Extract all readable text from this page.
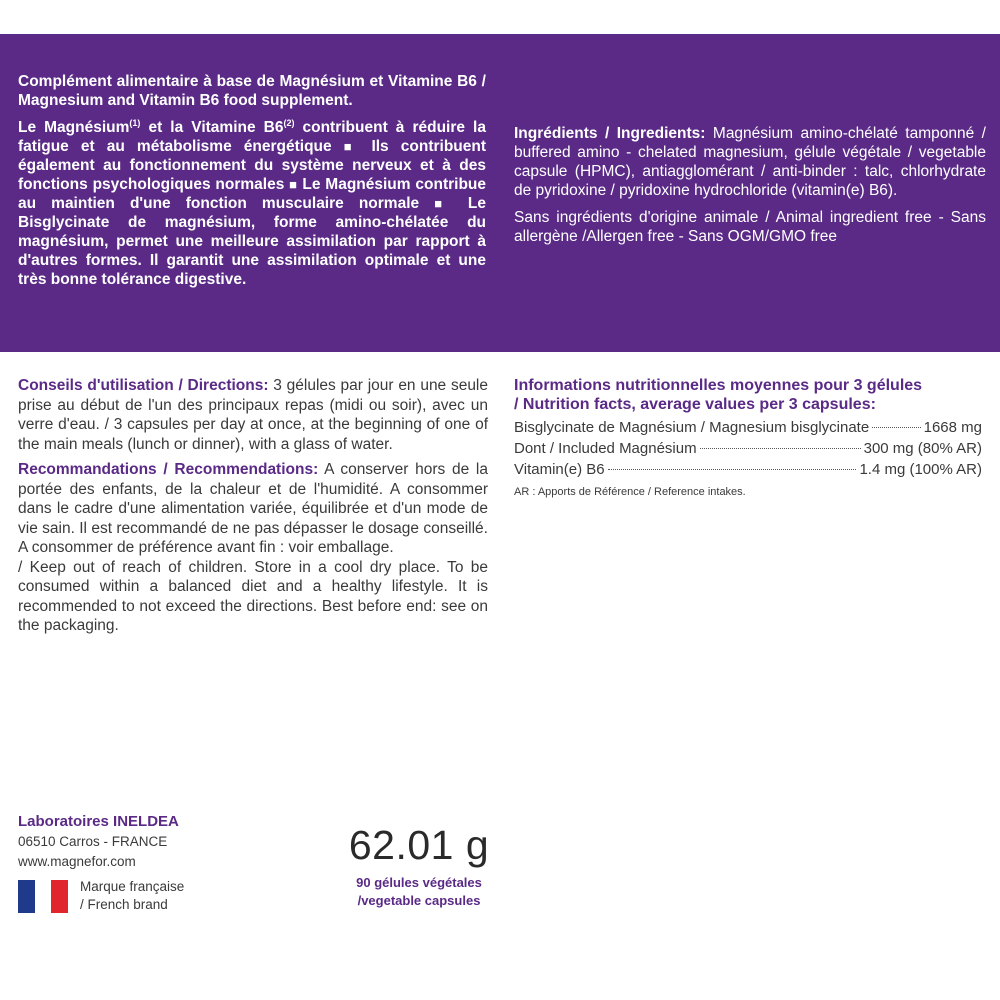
Complément alimentaire à base de Magnésium et Vitamine B6 / Magnesium and Vitamin B6 food supplement.

Le Magnésium$^{(1)}$ et la Vitamine B6$^{(2)}$ contribuent à réduire la fatigue et au métabolisme énergétique ■ Ils contribuent également au fonctionnement du système nerveux et à des fonctions psychologiques normales ■ Le Magnésium contribue au maintien d'une fonction musculaire normale ■ Le Bisglycinate de magnésium, forme amino-chélatée du magnésium, permet une meilleure assimilation par rapport à d'autres formes. Il garantit une assimilation optimale et une très bonne tolérance digestive.

Ingrédients / Ingredients: Magnésium amino-chélaté tamponné / buffered amino - chelated magnesium, gélule végétale / vegetable capsule (HPMC), antiagglomérant / anti-binder : talc, chlorhydrate de pyridoxine / pyridoxine hydrochloride (vitamin(e) B6).

Sans ingrédients d'origine animale / Animal ingredient free - Sans allergène /Allergen free - Sans OGM/GMO free

Conseils d'utilisation / Directions: 3 gélules par jour en une seule prise au début de l'un des principaux repas (midi ou soir), avec un verre d'eau. / 3 capsules per day at once, at the beginning of one of the main meals (lunch or dinner), with a glass of water.

Recommandations / Recommendations: A conserver hors de la portée des enfants, de la chaleur et de l'humidité. A consommer dans le cadre d'une alimentation variée, équilibrée et d'un mode de vie sain. Il est recommandé de ne pas dépasser le dosage conseillé. A consommer de préférence avant fin : voir emballage.

/ Keep out of reach of children. Store in a cool dry place. To be consumed within a balanced diet and a healthy lifestyle. It is recommended to not exceed the directions. Best before end: see on the packaging.

Informations nutritionnelles moyennes pour 3 gélules
/ Nutrition facts, average values per 3 capsules:
Bisglycinate de Magnésium / Magnesium bisglycinate	1668 mg
Dont / Included Magnésium	300 mg (80% AR)
Vitamin(e) B6	1.4 mg (100% AR)
AR : Apports de Référence / Reference intakes.
Laboratoires INELDEA
06510 Carros - FRANCE
www.magnefor.com
Marque française
/ French brand
62.01 g
90 gélules végétales
/vegetable capsules
